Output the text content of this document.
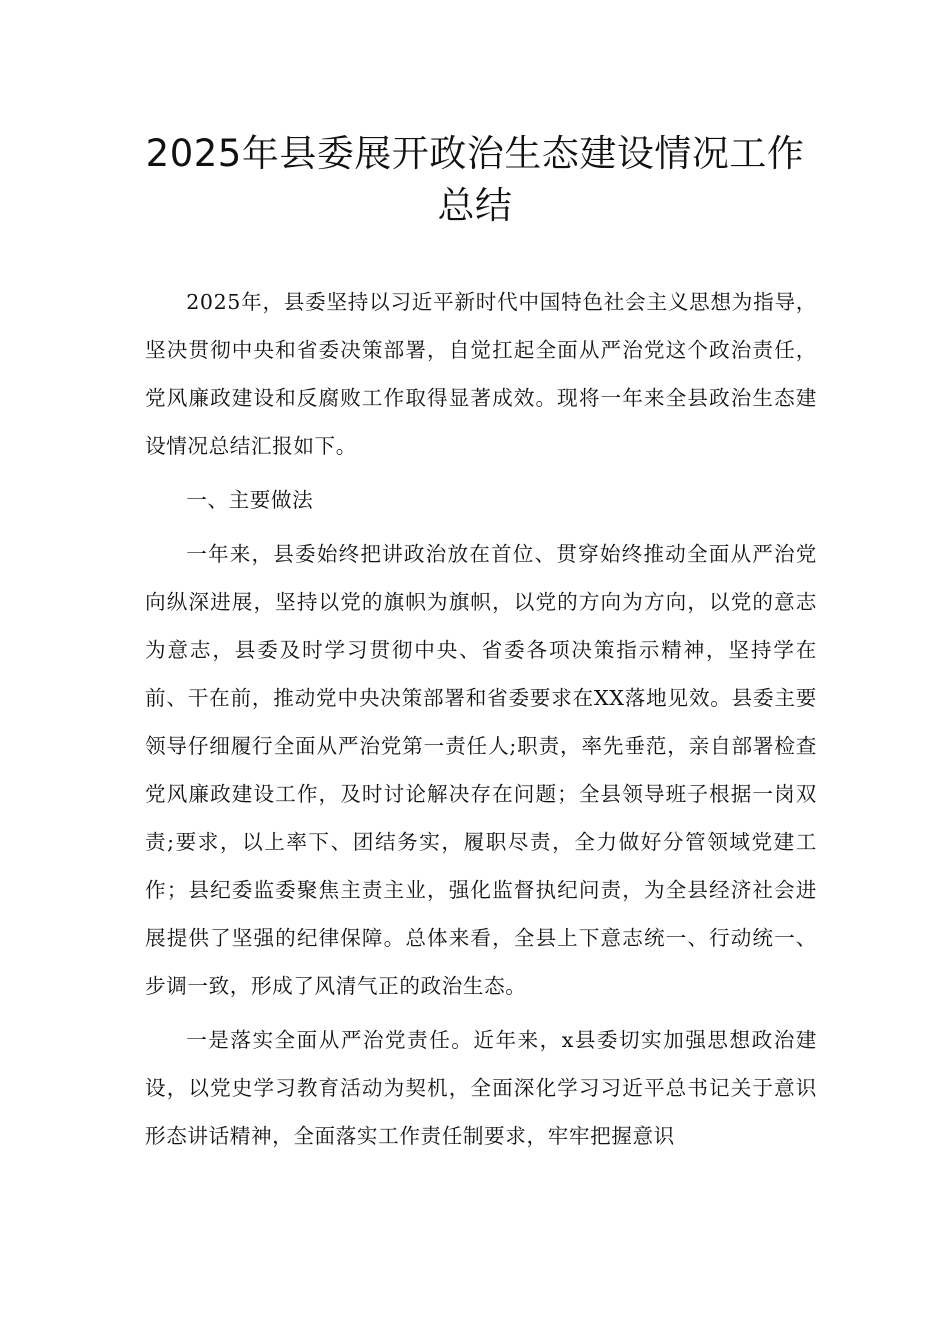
2025年县委展开政治生态建设情况工作
总结

2025年，县委坚持以习近平新时代中国特色社会主义思想为指导，坚决贯彻中央和省委决策部署，自觉扛起全面从严治党这个政治责任，党风廉政建设和反腐败工作取得显著成效。现将一年来全县政治生态建设情况总结汇报如下。

一、主要做法

一年来，县委始终把讲政治放在首位、贯穿始终推动全面从严治党向纵深进展，坚持以党的旗帜为旗帜，以党的方向为方向，以党的意志为意志，县委及时学习贯彻中央、省委各项决策指示精神，坚持学在前、干在前，推动党中央决策部署和省委要求在XX落地见效。县委主要领导仔细履行全面从严治党第一责任人;职责，率先垂范，亲自部署检查党风廉政建设工作，及时讨论解决存在问题；全县领导班子根据一岗双责;要求，以上率下、团结务实，履职尽责，全力做好分管领域党建工作；县纪委监委聚焦主责主业，强化监督执纪问责，为全县经济社会进展提供了坚强的纪律保障。总体来看，全县上下意志统一、行动统一、步调一致，形成了风清气正的政治生态。

一是落实全面从严治党责任。近年来，x县委切实加强思想政治建设，以党史学习教育活动为契机，全面深化学习习近平总书记关于意识形态讲话精神，全面落实工作责任制要求，牢牢把握意识
